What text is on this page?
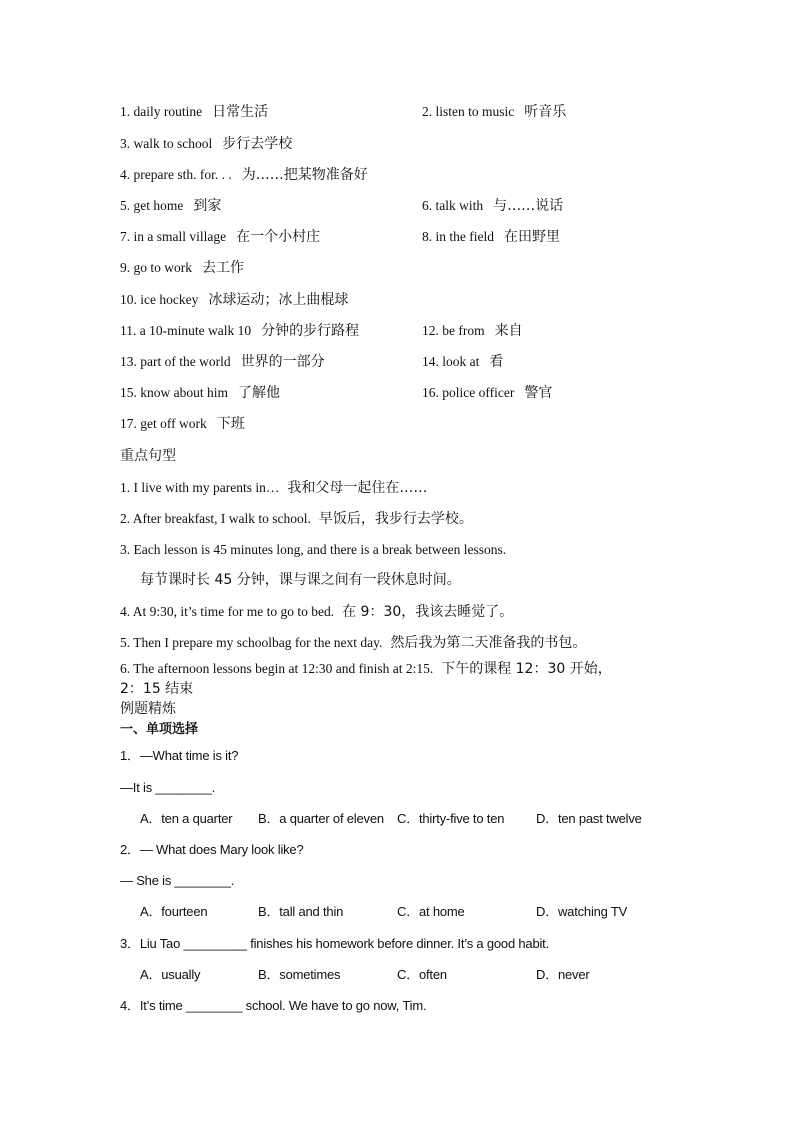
1. daily routine 日常生活	2. listen to music 听音乐
3. walk to school 步行去学校
4. prepare sth. for. . . 为……把某物准备好
5. get home 到家	6. talk with 与……说话
7. in a small village 在一个小村庄	8. in the field 在田野里
9. go to work 去工作
10. ice hockey 冰球运动；冰上曲棍球
11. a 10-minute walk 10 分钟的步行路程	12. be from 来自
13. part of the world 世界的一部分	14. look at 看
15. know about him 了解他	16. police officer 警官
17. get off work 下班
重点句型
1. I live with my parents in… 我和父母一起住在……
2. After breakfast, I walk to school. 早饭后，我步行去学校。
3. Each lesson is 45 minutes long, and there is a break between lessons.
每节课时长 45 分钟，课与课之间有一段休息时间。
4. At 9:30, it’s time for me to go to bed. 在 9：30，我该去睡觉了。
5. Then I prepare my schoolbag for the next day. 然后我为第二天准备我的书包。
6. The afternoon lessons begin at 12:30 and finish at 2:15. 下午的课程 12：30 开始，
2：15 结束
例题精炼
一、单项选择
1．—What time is it?
—It is ________.
A．ten a quarter B．a quarter of eleven C．thirty-five to ten D．ten past twelve
2．— What does Mary look like?
— She is ________.
A．fourteen	B．tall and thin	C．at home	D．watching TV
3．Liu Tao _________ finishes his homework before dinner. It’s a good habit.
A．usually	B．sometimes	C．often	D．never
4．It’s time ________ school. We have to go now, Tim.
